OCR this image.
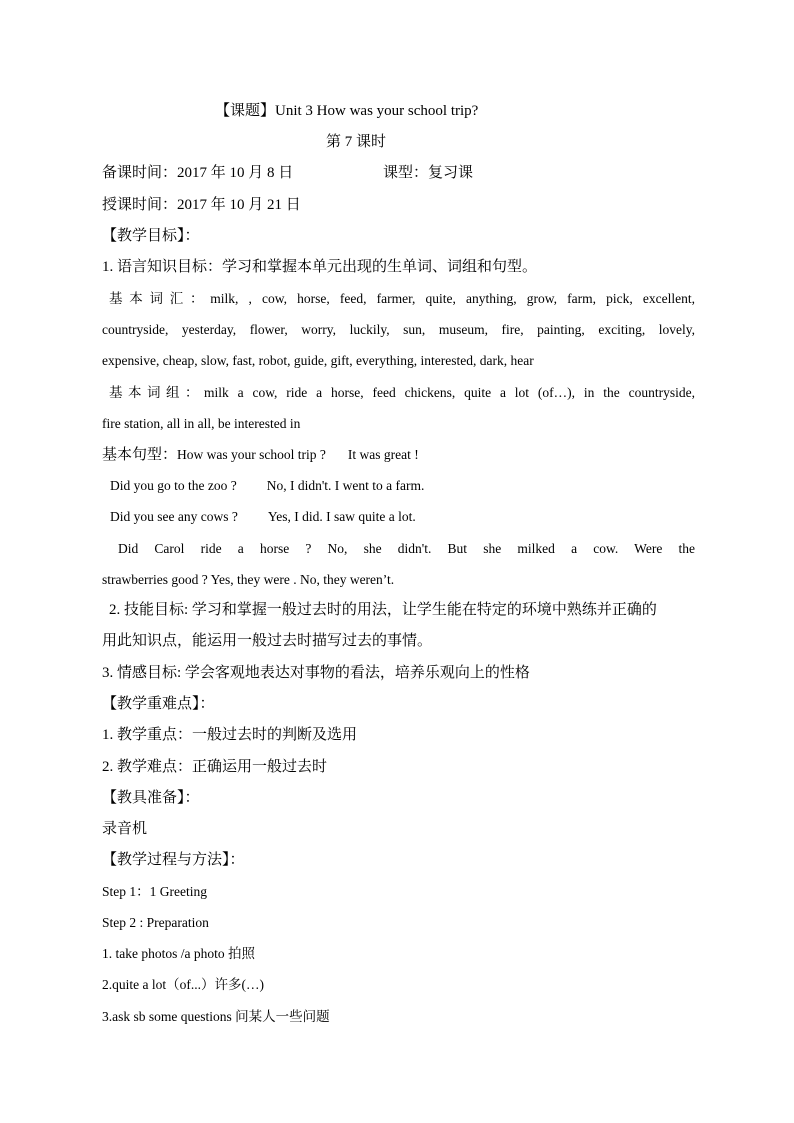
【课题】Unit 3 How was your school trip?
第 7 课时
备课时间：2017 年 10 月 8 日	课型：复习课
授课时间：2017 年 10 月 21 日
【教学目标】：
1. 语言知识目标：学习和掌握本单元出现的生单词、词组和句型。
基本词汇：milk, , cow, horse, feed, farmer, quite, anything, grow, farm, pick, excellent,
countryside, yesterday, flower, worry, luckily, sun, museum, fire, painting, exciting, lovely,
expensive, cheap, slow, fast, robot, guide, gift, everything, interested, dark, hear
基本词组：milk a cow, ride a horse, feed chickens, quite a lot (of…), in the countryside,
fire station, all in all, be interested in
基本句型：How was your school trip ? It was great !
Did you go to the zoo ? No, I didn't. I went to a farm.
Did you see any cows ? Yes, I did. I saw quite a lot.
Did Carol ride a horse ? No, she didn't. But she milked a cow. Were the
strawberries good ? Yes, they were . No, they weren’t.
2. 技能目标: 学习和掌握一般过去时的用法，让学生能在特定的环境中熟练并正确的
用此知识点，能运用一般过去时描写过去的事情。
3. 情感目标: 学会客观地表达对事物的看法，培养乐观向上的性格
【教学重难点】：
1. 教学重点：一般过去时的判断及选用
2. 教学难点：正确运用一般过去时
【教具准备】：
录音机
【教学过程与方法】：
Step 1：1 Greeting
Step 2 : Preparation
1. take photos /a photo 拍照
2.quite a lot（of...）许多(…)
3.ask sb some questions 问某人一些问题
